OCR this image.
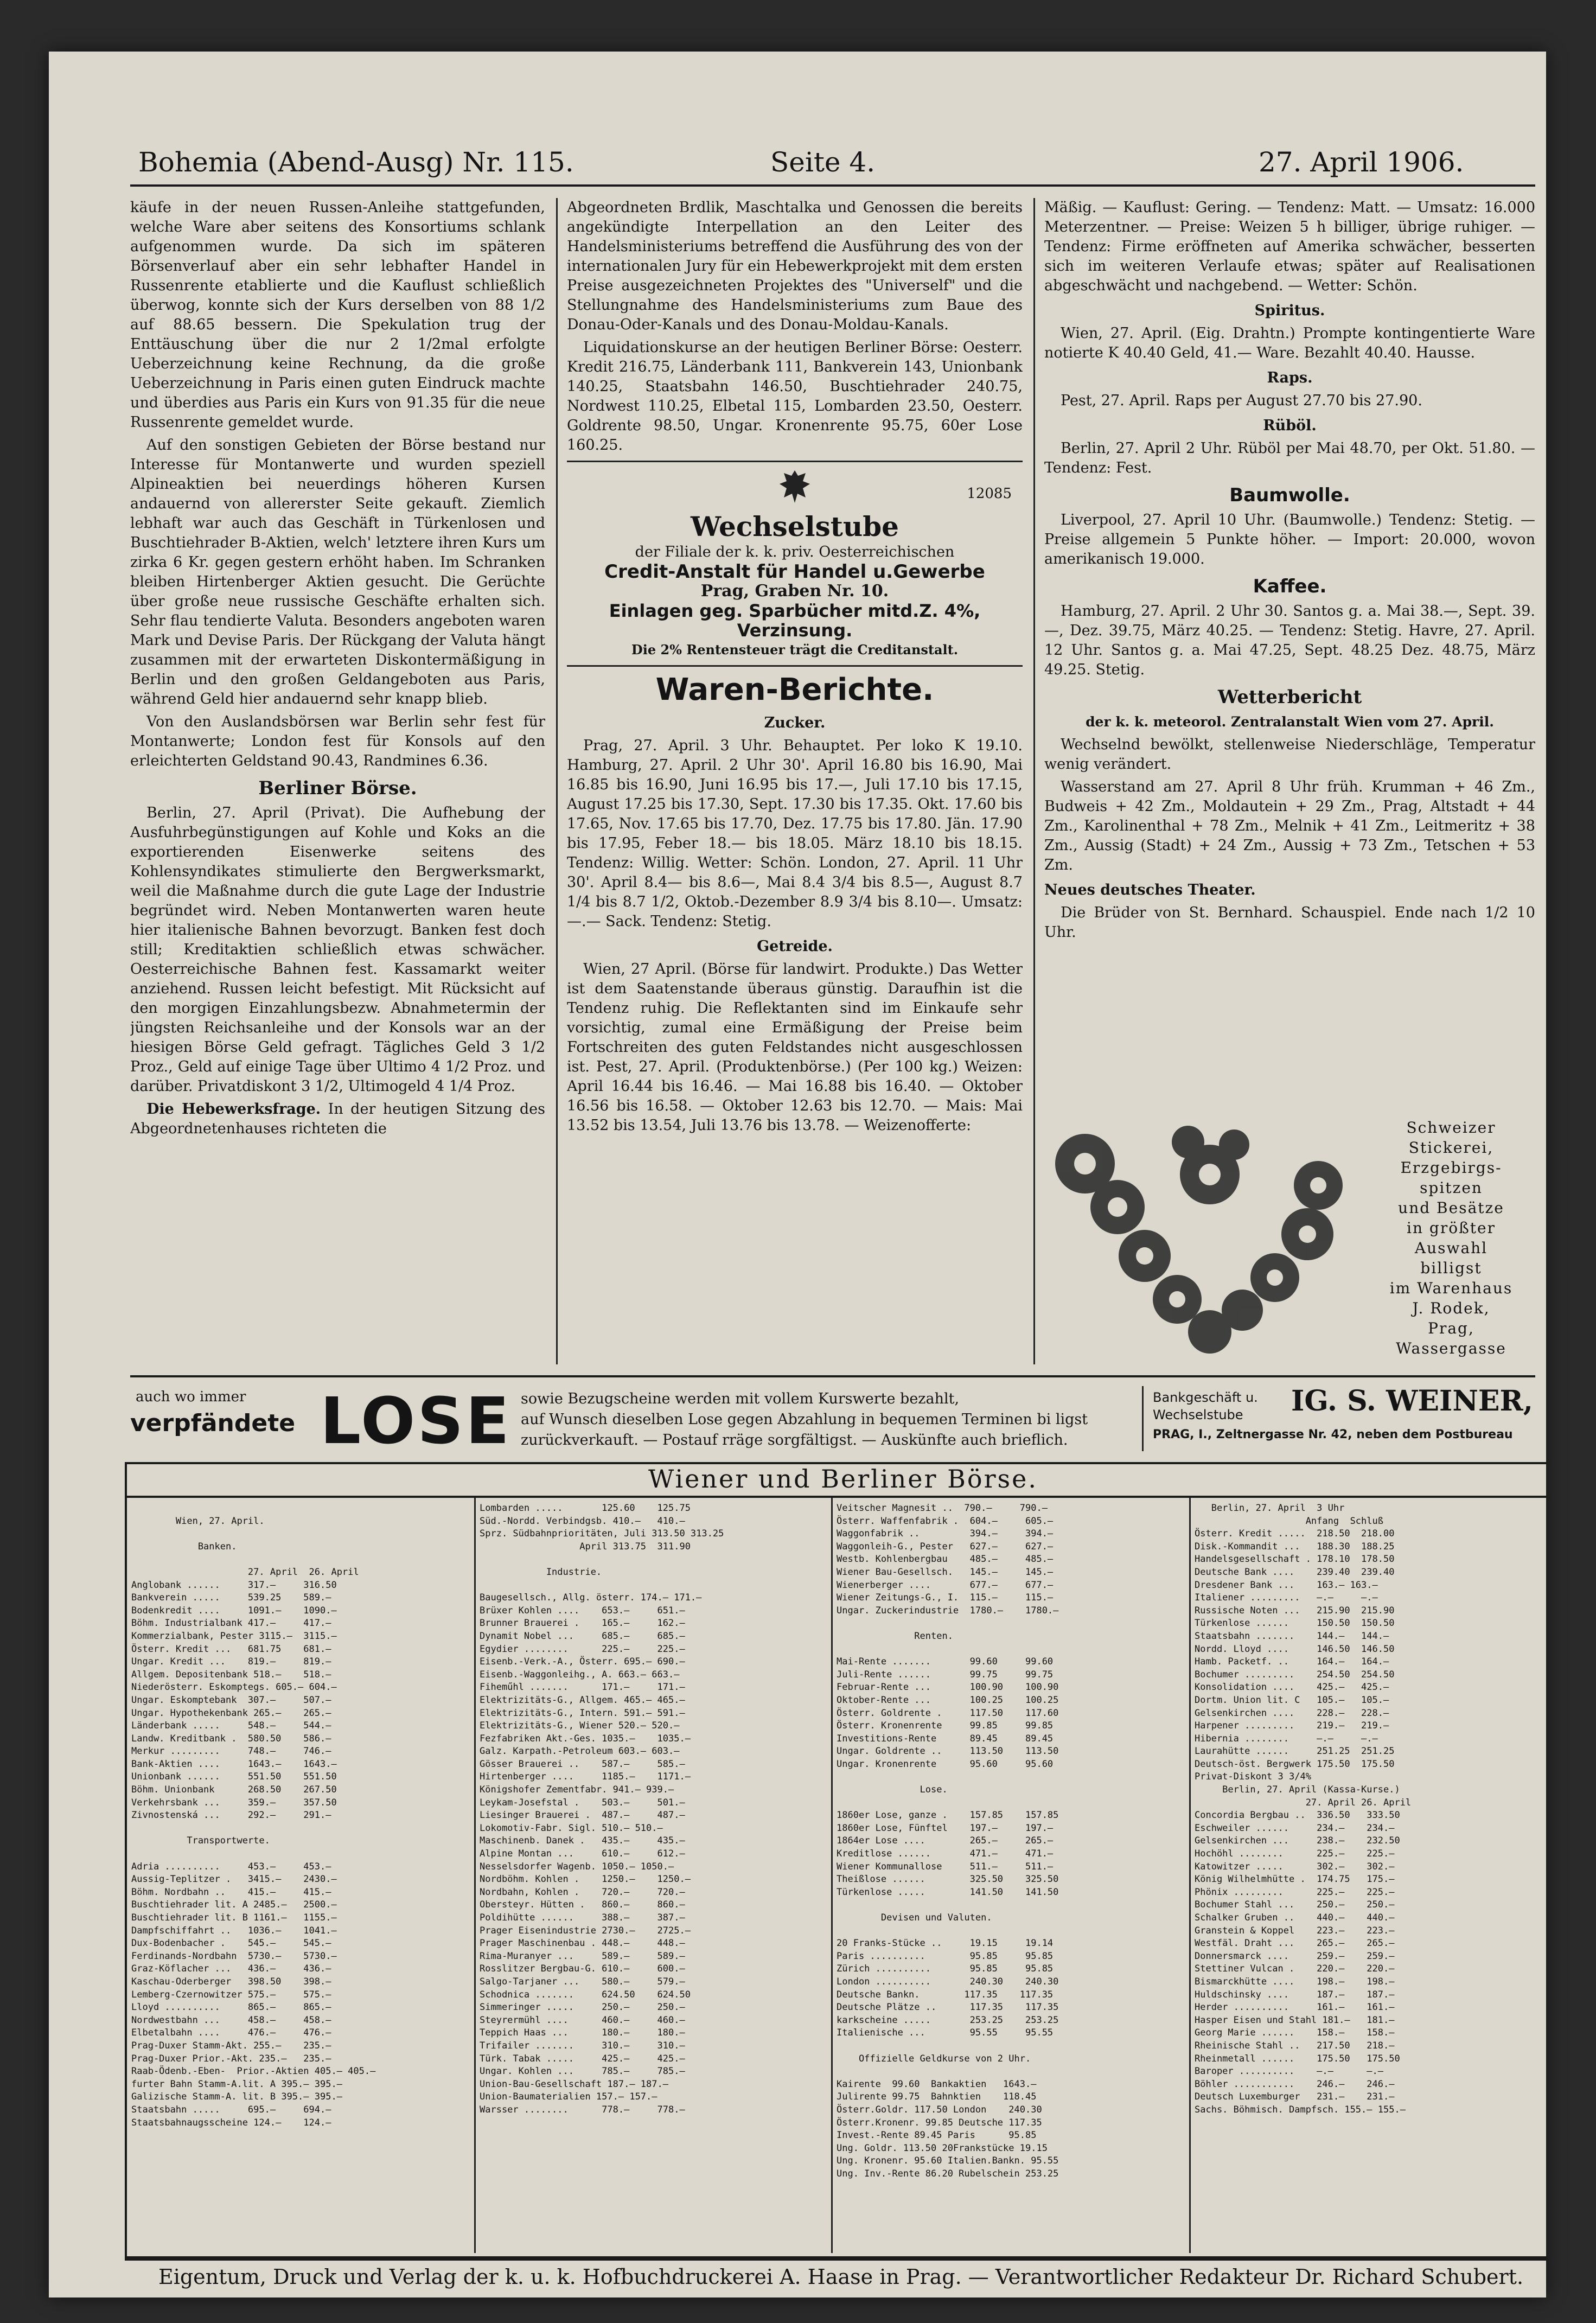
Bohemia (Abend-Ausg) Nr. 115.	Seite 4.	27. April 1906.

käufe in der neuen Russen-Anleihe stattgefunden, welche Ware aber seitens des Konsortiums schlank aufgenommen wurde. Da sich im späteren Börsenverlauf aber ein sehr lebhafter Handel in Russenrente etablierte und die Kauflust schließlich überwog, konnte sich der Kurs derselben von 88 1/2 auf 88.65 bessern. Die Spekulation trug der Enttäuschung über die nur 2 1/2mal erfolgte Ueberzeichnung keine Rechnung, da die große Ueberzeichnung in Paris einen guten Eindruck machte und überdies aus Paris ein Kurs von 91.35 für die neue Russenrente gemeldet wurde.

Auf den sonstigen Gebieten der Börse bestand nur Interesse für Montanwerte und wurden speziell Alpineaktien bei neuerdings höheren Kursen andauernd von allererster Seite gekauft. Ziemlich lebhaft war auch das Geschäft in Türkenlosen und Buschtiehrader B-Aktien, welch' letztere ihren Kurs um zirka 6 Kr. gegen gestern erhöht haben. Im Schranken bleiben Hirtenberger Aktien gesucht. Die Gerüchte über große neue russische Geschäfte erhalten sich. Sehr flau tendierte Valuta. Besonders angeboten waren Mark und Devise Paris. Der Rückgang der Valuta hängt zusammen mit der erwarteten Diskontermäßigung in Berlin und den großen Geldangeboten aus Paris, während Geld hier andauernd sehr knapp blieb.

Von den Auslandsbörsen war Berlin sehr fest für Montanwerte; London fest für Konsols auf den erleichterten Geldstand 90.43, Randmines 6.36.

Berliner Börse.

Berlin, 27. April (Privat). Die Aufhebung der Ausfuhrbegünstigungen auf Kohle und Koks an die exportierenden Eisenwerke seitens des Kohlensyndikates stimulierte den Bergwerksmarkt, weil die Maßnahme durch die gute Lage der Industrie begründet wird. Neben Montanwerten waren heute hier italienische Bahnen bevorzugt. Banken fest doch still; Kreditaktien schließlich etwas schwächer. Oesterreichische Bahnen fest. Kassamarkt weiter anziehend. Russen leicht befestigt. Mit Rücksicht auf den morgigen Einzahlungsbezw. Abnahmetermin der jüngsten Reichsanleihe und der Konsols war an der hiesigen Börse Geld gefragt. Tägliches Geld 3 1/2 Proz., Geld auf einige Tage über Ultimo 4 1/2 Proz. und darüber. Privatdiskont 3 1/2, Ultimogeld 4 1/4 Proz.

Die Hebewerksfrage. In der heutigen Sitzung des Abgeordnetenhauses richteten die

Abgeordneten Brdlik, Maschtalka und Genossen die bereits angekündigte Interpellation an den Leiter des Handelsministeriums betreffend die Ausführung des von der internationalen Jury für ein Hebewerkprojekt mit dem ersten Preise ausgezeichneten Projektes des "Univerself" und die Stellungnahme des Handelsministeriums zum Baue des Donau-Oder-Kanals und des Donau-Moldau-Kanals.

Liquidationskurse an der heutigen Berliner Börse: Oesterr. Kredit 216.75, Länderbank 111, Bankverein 143, Unionbank 140.25, Staatsbahn 146.50, Buschtiehrader 240.75, Nordwest 110.25, Elbetal 115, Lombarden 23.50, Oesterr. Goldrente 98.50, Ungar. Kronenrente 95.75, 60er Lose 160.25.

12085
Wechselstube
der Filiale der k. k. priv. Oesterreichischen
Credit-Anstalt für Handel u.Gewerbe
Prag, Graben Nr. 10.
Einlagen geg. Sparbücher mitd.Z. 4%, Verzinsung.
Die 2% Rentensteuer trägt die Creditanstalt.
Waren-Berichte.
Zucker.

Prag, 27. April. 3 Uhr. Behauptet. Per loko K 19.10. Hamburg, 27. April. 2 Uhr 30'. April 16.80 bis 16.90, Mai 16.85 bis 16.90, Juni 16.95 bis 17.—, Juli 17.10 bis 17.15, August 17.25 bis 17.30, Sept. 17.30 bis 17.35. Okt. 17.60 bis 17.65, Nov. 17.65 bis 17.70, Dez. 17.75 bis 17.80. Jän. 17.90 bis 17.95, Feber 18.— bis 18.05. März 18.10 bis 18.15. Tendenz: Willig. Wetter: Schön. London, 27. April. 11 Uhr 30'. April 8.4— bis 8.6—, Mai 8.4 3/4 bis 8.5—, August 8.7 1/4 bis 8.7 1/2, Oktob.-Dezember 8.9 3/4 bis 8.10—. Umsatz: —.— Sack. Tendenz: Stetig.

Getreide.

Wien, 27 April. (Börse für landwirt. Produkte.) Das Wetter ist dem Saatenstande überaus günstig. Daraufhin ist die Tendenz ruhig. Die Reflektanten sind im Einkaufe sehr vorsichtig, zumal eine Ermäßigung der Preise beim Fortschreiten des guten Feldstandes nicht ausgeschlossen ist. Pest, 27. April. (Produktenbörse.) (Per 100 kg.) Weizen: April 16.44 bis 16.46. — Mai 16.88 bis 16.40. — Oktober 16.56 bis 16.58. — Oktober 12.63 bis 12.70. — Mais: Mai 13.52 bis 13.54, Juli 13.76 bis 13.78. — Weizenofferte:

Mäßig. — Kauflust: Gering. — Tendenz: Matt. — Umsatz: 16.000 Meterzentner. — Preise: Weizen 5 h billiger, übrige ruhiger. — Tendenz: Firme eröffneten auf Amerika schwächer, besserten sich im weiteren Verlaufe etwas; später auf Realisationen abgeschwächt und nachgebend. — Wetter: Schön.

Spiritus.

Wien, 27. April. (Eig. Drahtn.) Prompte kontingentierte Ware notierte K 40.40 Geld, 41.— Ware. Bezahlt 40.40. Hausse.

Raps.

Pest, 27. April. Raps per August 27.70 bis 27.90.

Rüböl.

Berlin, 27. April 2 Uhr. Rüböl per Mai 48.70, per Okt. 51.80. — Tendenz: Fest.

Baumwolle.

Liverpool, 27. April 10 Uhr. (Baumwolle.) Tendenz: Stetig. — Preise allgemein 5 Punkte höher. — Import: 20.000, wovon amerikanisch 19.000.

Kaffee.

Hamburg, 27. April. 2 Uhr 30. Santos g. a. Mai 38.—, Sept. 39.—, Dez. 39.75, März 40.25. — Tendenz: Stetig. Havre, 27. April. 12 Uhr. Santos g. a. Mai 47.25, Sept. 48.25 Dez. 48.75, März 49.25. Stetig.

Wetterbericht
der k. k. meteorol. Zentralanstalt Wien vom 27. April.

Wechselnd bewölkt, stellenweise Niederschläge, Temperatur wenig verändert.

Wasserstand am 27. April 8 Uhr früh. Krumman + 46 Zm., Budweis + 42 Zm., Moldautein + 29 Zm., Prag, Altstadt + 44 Zm., Karolinenthal + 78 Zm., Melnik + 41 Zm., Leitmeritz + 38 Zm., Aussig (Stadt) + 24 Zm., Aussig + 73 Zm., Tetschen + 53 Zm.

Neues deutsches Theater.

Die Brüder von St. Bernhard. Schauspiel. Ende nach 1/2 10 Uhr.

Schweizer
Stickerei,
Erzgebirgs-
spitzen
und Besätze
in größter
Auswahl
billigst
im Warenhaus
J. Rodek,
Prag,
Wassergasse
auch wo immer
verpfändete LOSE sowie Bezugscheine werden mit vollem Kurswerte bezahlt,
auf Wunsch dieselben Lose gegen Abzahlung in bequemen Terminen bi ligst
zurückverkauft. — Postauf rräge sorgfältigst. — Auskünfte auch brieflich.
Bankgeschäft u.
Wechselstube	IG. S. WEINER,
PRAG, I., Zeltnergasse Nr. 42, neben dem Postbureau
Wiener und Berliner Börse.

Wien, 27. April.

Banken.

27. April  26. April
Anglobank ......     317.—     316.50
Bankverein .....     539.25    589.—
Bodenkredit ....     1091.—    1090.—
Böhm. Industrialbank 417.—     417.—
Kommerzialbank, Pester 3115.—  3115.—
Österr. Kredit ...   681.75    681.—
Ungar. Kredit ...    819.—     819.—
Allgem. Depositenbank 518.—    518.—
Niederösterr. Eskomptegs. 605.— 604.—
Ungar. Eskomptebank  307.—     507.—
Ungar. Hypothekenbank 265.—    265.—
Länderbank .....     548.—     544.—
Landw. Kreditbank .  580.50    586.—
Merkur .........     748.—     746.—
Bank-Aktien ....     1643.—    1643.—
Unionbank ......     551.50    551.50
Böhm. Unionbank      268.50    267.50
Verkehrsbank ...     359.—     357.50
Zivnostenská ...     292.—     291.—

Transportwerte.

Adria ..........     453.—     453.—
Aussig-Teplitzer .   3415.—    2430.—
Böhm. Nordbahn ..    415.—     415.—
Buschtiehrader lit. A 2485.—   2500.—
Buschtiehrader lit. B 1161.—   1155.—
Dampfschiffahrt ..   1036.—    1041.—
Dux-Bodenbacher .    545.—     545.—
Ferdinands-Nordbahn  5730.—    5730.—
Graz-Köflacher ...   436.—     436.—
Kaschau-Oderberger   398.50    398.—
Lemberg-Czernowitzer 575.—     575.—
Lloyd ..........     865.—     865.—
Nordwestbahn ...     458.—     458.—
Elbetalbahn ....     476.—     476.—
Prag-Duxer Stamm-Akt. 255.—    235.—
Prag-Duxer Prior.-Akt. 235.—   235.—
Raab-Ödenb.-Eben-  Prior.-Aktien 405.— 405.—
furter Bahn Stamm-A.lit. A 395.— 395.—
Galizische Stamm-A. lit. B 395.— 395.—
Staatsbahn .....     695.—     694.—
Staatsbahnaugsscheine 124.—    124.—
Lombarden .....       125.60    125.75
Süd.-Nordd. Verbindgsb. 410.—   410.—
Sprz. Südbahnprioritäten, Juli 313.50 313.25
April 313.75  311.90

Industrie.

Baugesellsch., Allg. österr. 174.— 171.—
Brüxer Kohlen ....    653.—     651.—
Brunner Brauerei .    165.—     162.—
Dynamit Nobel ...     685.—     685.—
Egydier ........      225.—     225.—
Eisenb.-Verk.-A., Österr. 695.— 690.—
Eisenb.-Waggonleihg., A. 663.— 663.—
Fiheműhl .......      171.—     171.—
Elektrizitäts-G., Allgem. 465.— 465.—
Elektrizitäts-G., Intern. 591.— 591.—
Elektrizitäts-G., Wiener 520.— 520.—
Fezfabriken Akt.-Ges. 1035.—    1035.—
Galz. Karpath.-Petroleum 603.— 603.—
Gösser Brauerei ..    587.—     585.—
Hirtenberger ....     1185.—    1171.—
Königshofer Zementfabr. 941.— 939.—
Leykam-Josefstal .    503.—     501.—
Liesinger Brauerei .  487.—     487.—
Lokomotiv-Fabr. Sigl. 510.— 510.—
Maschinenb. Danek .   435.—     435.—
Alpine Montan ...     610.—     612.—
Nesselsdorfer Wagenb. 1050.— 1050.—
Nordböhm. Kohlen .    1250.—    1250.—
Nordbahn, Kohlen .    720.—     720.—
Obersteyr. Hütten .   860.—     860.—
Poldihütte ......     388.—     387.—
Prager Eisenindustrie 2730.—    2725.—
Prager Maschinenbau . 448.—     448.—
Rima-Muranyer ...     589.—     589.—
Rosslitzer Bergbau-G. 610.—     600.—
Salgo-Tarjaner ...    580.—     579.—
Schodnica .......     624.50    624.50
Simmeringer .....     250.—     250.—
Steyrermühl ....      460.—     460.—
Teppich Haas ...      180.—     180.—
Trifailer .......     310.—     310.—
Türk. Tabak .....     425.—     425.—
Ungar. Kohlen ...     785.—     785.—
Union-Bau-Gesellschaft 187.— 187.—
Union-Baumaterialien 157.— 157.—
Warsser ........      778.—     778.—
Veitscher Magnesit ..  790.—     790.—
Österr. Waffenfabrik .  604.—     605.—
Waggonfabrik ..         394.—     394.—
Waggonleih-G., Pester   627.—     627.—
Westb. Kohlenbergbau    485.—     485.—
Wiener Bau-Gesellsch.   145.—     145.—
Wienerberger ....       677.—     677.—
Wiener Zeitungs-G., I.  115.—     115.—
Ungar. Zuckerindustrie  1780.—    1780.—

Renten.

Mai-Rente .......       99.60     99.60
Juli-Rente ......       99.75     99.75
Februar-Rente ...       100.90    100.90
Oktober-Rente ...       100.25    100.25
Österr. Goldrente .     117.50    117.60
Österr. Kronenrente     99.85     99.85
Investitions-Rente      89.45     89.45
Ungar. Goldrente ..     113.50    113.50
Ungar. Kronenrente      95.60     95.60

Lose.

1860er Lose, ganze .    157.85    157.85
1860er Lose, Fünftel    197.—     197.—
1864er Lose ....        265.—     265.—
Kreditlose ......       471.—     471.—
Wiener Kommunallose     511.—     511.—
Theißlose ......        325.50    325.50
Türkenlose .....        141.50    141.50

Devisen und Valuten.

20 Franks-Stücke ..     19.15     19.14
Paris ..........        95.85     95.85
Zürich ..........       95.85     95.85
London ..........       240.30    240.30
Deutsche Bankn.        117.35    117.35
Deutsche Plätze ..      117.35    117.35
karkscheine .....       253.25    253.25
Italienische ...        95.55     95.55

Offizielle Geldkurse von 2 Uhr.

Kairente  99.60  Bankaktien   1643.—
Julirente 99.75  Bahnktien    118.45
Österr.Goldr. 117.50 London    240.30
Österr.Kronenr. 99.85 Deutsche 117.35
Invest.-Rente 89.45 Paris      95.85
Ung. Goldr. 113.50 20Frankstücke 19.15
Ung. Kronenr. 95.60 Italien.Bankn. 95.55
Ung. Inv.-Rente 86.20 Rubelschein 253.25
Berlin, 27. April  3 Uhr
Anfang  Schluß
Österr. Kredit .....  218.50  218.00
Disk.-Kommandit ...   188.30  188.25
Handelsgesellschaft . 178.10  178.50
Deutsche Bank ....    239.40  239.40
Dresdener Bank ...    163.— 163.—
Italiener .........   —.—     —.—
Russische Noten ...   215.90  215.90
Türkenlose ......     150.50  150.50
Staatsbahn .......    144.—   144.—
Nordd. Lloyd ....     146.50  146.50
Hamb. Packetf. ..     164.—   164.—
Bochumer .........    254.50  254.50
Konsolidation ....    425.—   425.—
Dortm. Union lit. C   105.—   105.—
Gelsenkirchen ....    228.—   228.—
Harpener .........    219.—   219.—
Hibernia ........     —.—     —.—
Laurahütte ......     251.25  251.25
Deutsch-öst. Bergwerk 175.50  175.50
Privat-Diskont 3 3/4%
Berlin, 27. April (Kassa-Kurse.)
27. April 26. April
Concordia Bergbau ..  336.50   333.50
Eschweiler ......     234.—    234.—
Gelsenkirchen ...     238.—    232.50
Hochöhl ........      225.—    225.—
Katowitzer .....      302.—    302.—
König Wilhelmhütte .  174.75   175.—
Phönix .........      225.—    225.—
Bochumer Stahl ...    250.—    250.—
Schalker Gruben ..    440.—    440.—
Granstein & Koppel    223.—    223.—
Westfäl. Draht ...    265.—    265.—
Donnersmarck ....     259.—    259.—
Stettiner Vulcan .    220.—    220.—
Bismarckhütte ....    198.—    198.—
Huldschinsky ....     187.—    187.—
Herder ..........     161.—    161.—
Hasper Eisen und Stahl 181.—   181.—
Georg Marie ......    158.—    158.—
Rheinische Stahl ..   217.50   218.—
Rheinmetall ......    175.50   175.50
Baroper ..........    —.—      —.—
Böhler ...........    246.—    246.—
Deutsch Luxemburger   231.—    231.—
Sachs. Böhmisch. Dampfsch. 155.— 155.—
Eigentum, Druck und Verlag der k. u. k. Hofbuchdruckerei A. Haase in Prag. — Verantwortlicher Redakteur Dr. Richard Schubert.
